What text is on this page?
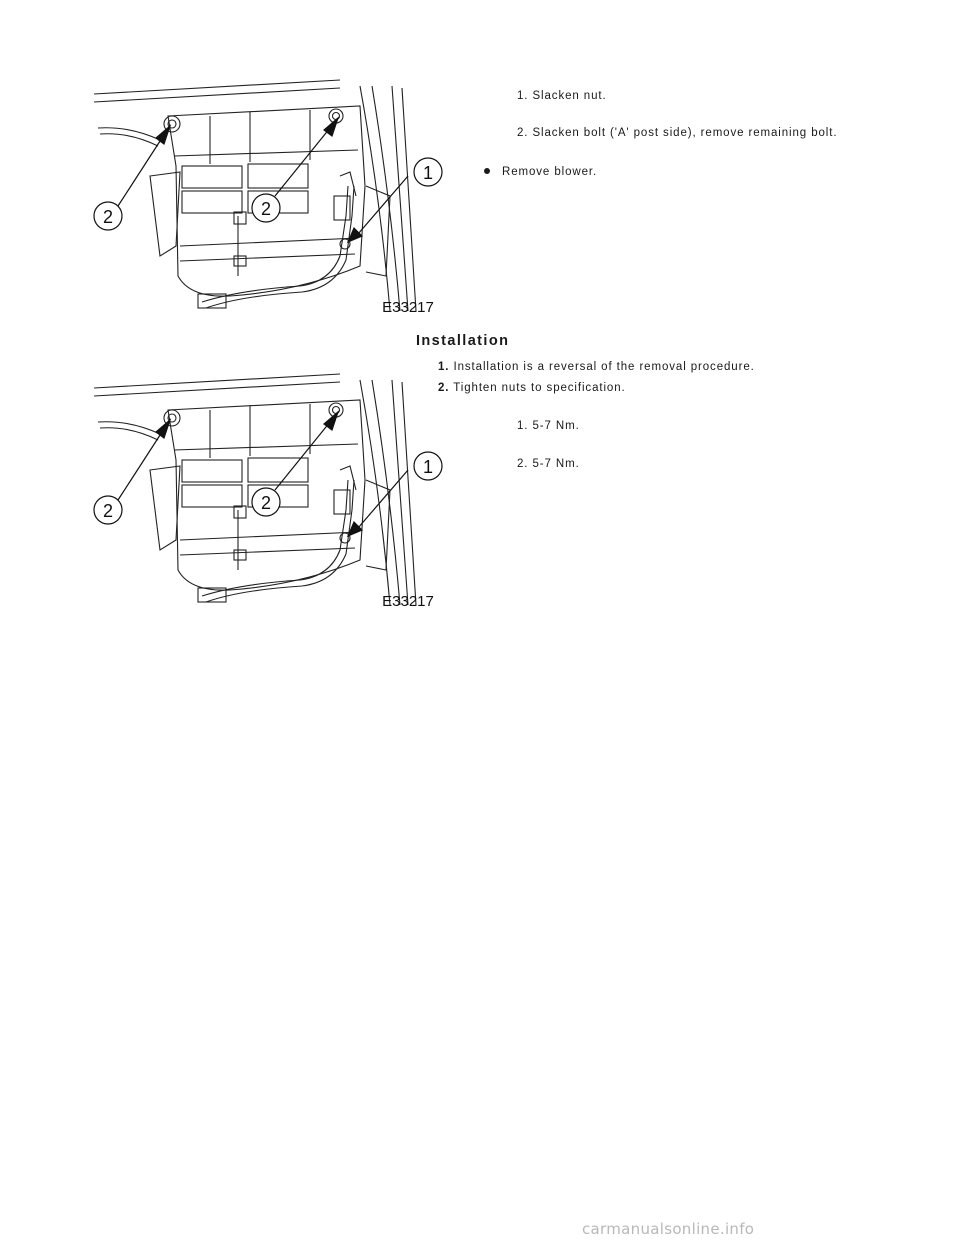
2	2
1
E33217
1. Slacken nut.
2. Slacken bolt ('A' post side), remove remaining bolt.
Remove blower.
Installation
2	2
1
E33217
1. Installation is a reversal of the removal procedure.
2. Tighten nuts to specification.
1. 5-7 Nm.
2. 5-7 Nm.
carmanualsonline.info
